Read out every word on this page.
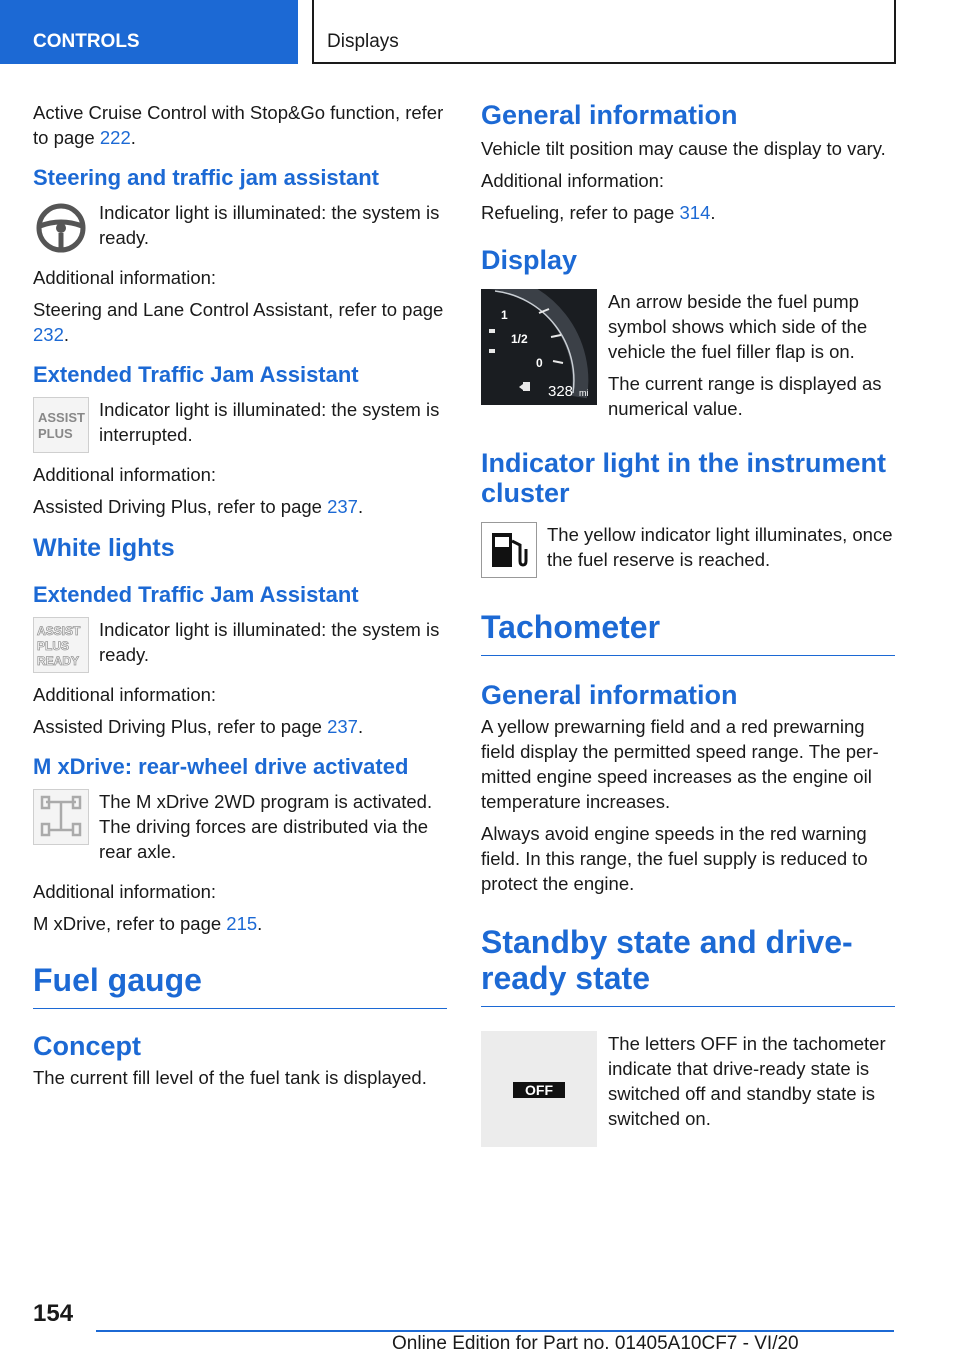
CONTROLS	Displays

Active Cruise Control with Stop&Go function, refer to page 222.

Steering and traffic jam assistant

Indicator light is illuminated: the system is ready.

Additional information:

Steering and Lane Control Assistant, refer to page 232.

Extended Traffic Jam Assistant
ASSIST
PLUS

Indicator light is illuminated: the system is interrupted.

Additional information:

Assisted Driving Plus, refer to page 237.

White lights
Extended Traffic Jam Assistant
ASSIST
PLUS
READY

Indicator light is illuminated: the system is ready.

Additional information:

Assisted Driving Plus, refer to page 237.

M xDrive: rear-wheel drive activated

The M xDrive 2WD program is activated. The driving forces are distributed via the rear axle.

Additional information:

M xDrive, refer to page 215.

Fuel gauge
Concept

The current fill level of the fuel tank is displayed.

General information

Vehicle tilt position may cause the display to vary.

Additional information:

Refueling, refer to page 314.

Display
1
1/2
0
328 mi

An arrow beside the fuel pump symbol shows which side of the vehicle the fuel filler flap is on.

The current range is displayed as numerical value.

Indicator light in the instrument cluster

The yellow indicator light illuminates, once the fuel reserve is reached.

Tachometer
General information

A yellow prewarning field and a red prewarning field display the permitted speed range. The permitted engine speed increases as the engine oil temperature increases.

Always avoid engine speeds in the red warning field. In this range, the fuel supply is reduced to protect the engine.

Standby state and drive-ready state
OFF

The letters OFF in the tachometer indicate that drive-ready state is switched off and standby state is switched on.

154
Online Edition for Part no. 01405A10CF7 - VI/20
